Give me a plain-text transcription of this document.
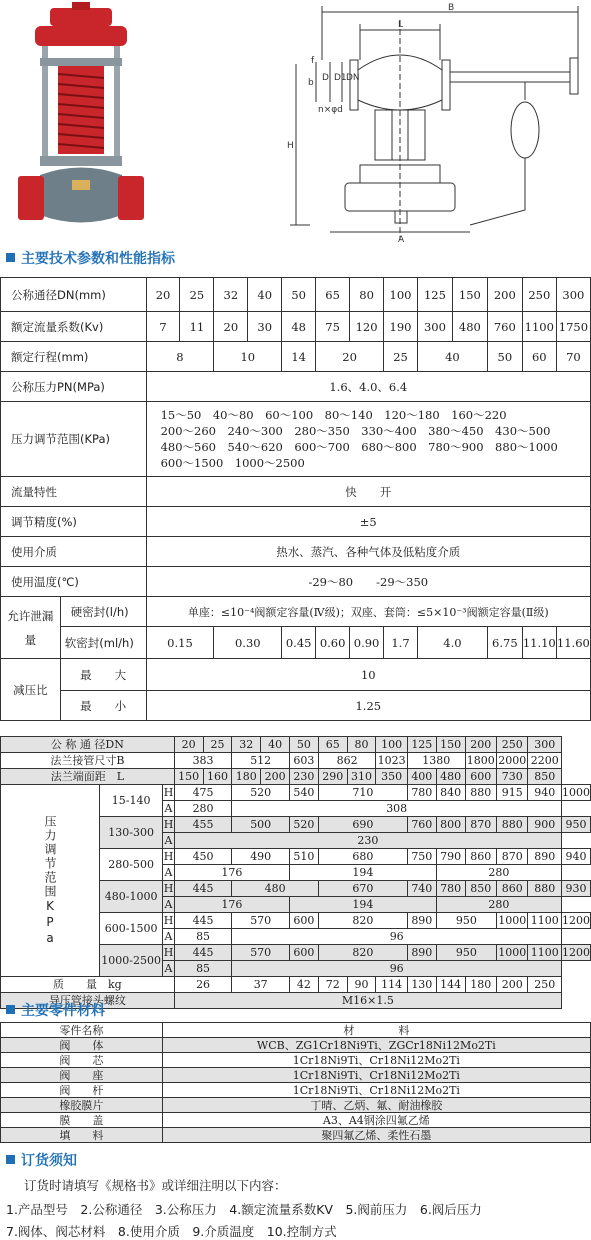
B
L
H
A
b D D1 DN
f
n×φd
主要技术参数和性能指标
公称通径DN(mm)		20	25	32	40	50	65	80	100	125	150	200	250	300
额定流量系数(Kv)		7	11	20	30	48	75	120	190	300	480	760	1100	1750
额定行程(mm)		8		10		14	20		25	40		50	60	70
公称压力PN(MPa)		1.6、4.0、6.4												
压力调节范围(KPa)		15～50　40～80　60～100　80～140　120～180　160～220
200～260　240～300　280～350　330～400　380～450　430～500
480～560　540～620　600～700　680～800　780～900　880～1000
600～1500　1000～2500												

流量特性		快　　开												
调节精度(%)		±5												
使用介质		热水、蒸汽、各种气体及低粘度介质												
使用温度(℃)		-29～80　　-29～350												
允许泄漏量	硬密封(l/h)	单座：≤10⁻⁴阀额定容量(Ⅳ级)；双座、套筒：≤5×10⁻³阀额定容量(Ⅱ级)												
	软密封(ml/h)	0.15		0.30		0.45	0.60	0.90	1.7	4.0		6.75	11.10	11.60
减压比	最　　大	10												
	最　　小	1.25												
公 称 通 径DN			20	25	32	40	50	65	80	100	125	150	200	250	300	
法兰接管尺寸B			383		512		603	862		1023	1380		1800	2000	2200	
法兰端面距　L			150	160	180	200	230	290	310	350	400	480	600	730	850	
压力调节范围KPa	15-140	H	475		520		540	710			780	840	880	915	940	1000
		A	280		308											
	130-300	H	455		500		520	690			760	800	870	880	900	950
		A	230													
	280-500	H	450		490		510	680			750	790	860	870	890	940
		A	176				194					280				
	480-1000	H	445		480			670			740	780	850	860	880	930
		A	176				194					280				
	600-1500	H	445		570		600	820			890	950		1000	1100	1200
		A	85		96											
	1000-2500	H	445		570		600	820			890	950		1000	1100	1200
		A	85		96											
质　　量　kg			26		37		42	72	90	114	130	144	180	200	250	
导压管接头螺纹			M16×1.5													
主要零件材料
零件名称	材　　　　料
阀　　体	WCB、ZG1Cr18Ni9Ti、ZGCr18Ni12Mo2Ti
阀　　芯	1Cr18Ni9Ti、Cr18Ni12Mo2Ti
阀　　座	1Cr18Ni9Ti、Cr18Ni12Mo2Ti
阀　　杆	1Cr18Ni9Ti、Cr18Ni12Mo2Ti
橡胶膜片	丁晴、乙炳、氟、耐油橡胶
膜　　盖	A3、A4钢涂四氟乙烯
填　　料	聚四氟乙烯、柔性石墨
订货须知
订货时请填写《规格书》或详细注明以下内容：
1.产品型号　2.公称通径　3.公称压力　4.额定流量系数KV　5.阀前压力　6.阀后压力
7.阀体、阀芯材料　8.使用介质　9.介质温度　10.控制方式
